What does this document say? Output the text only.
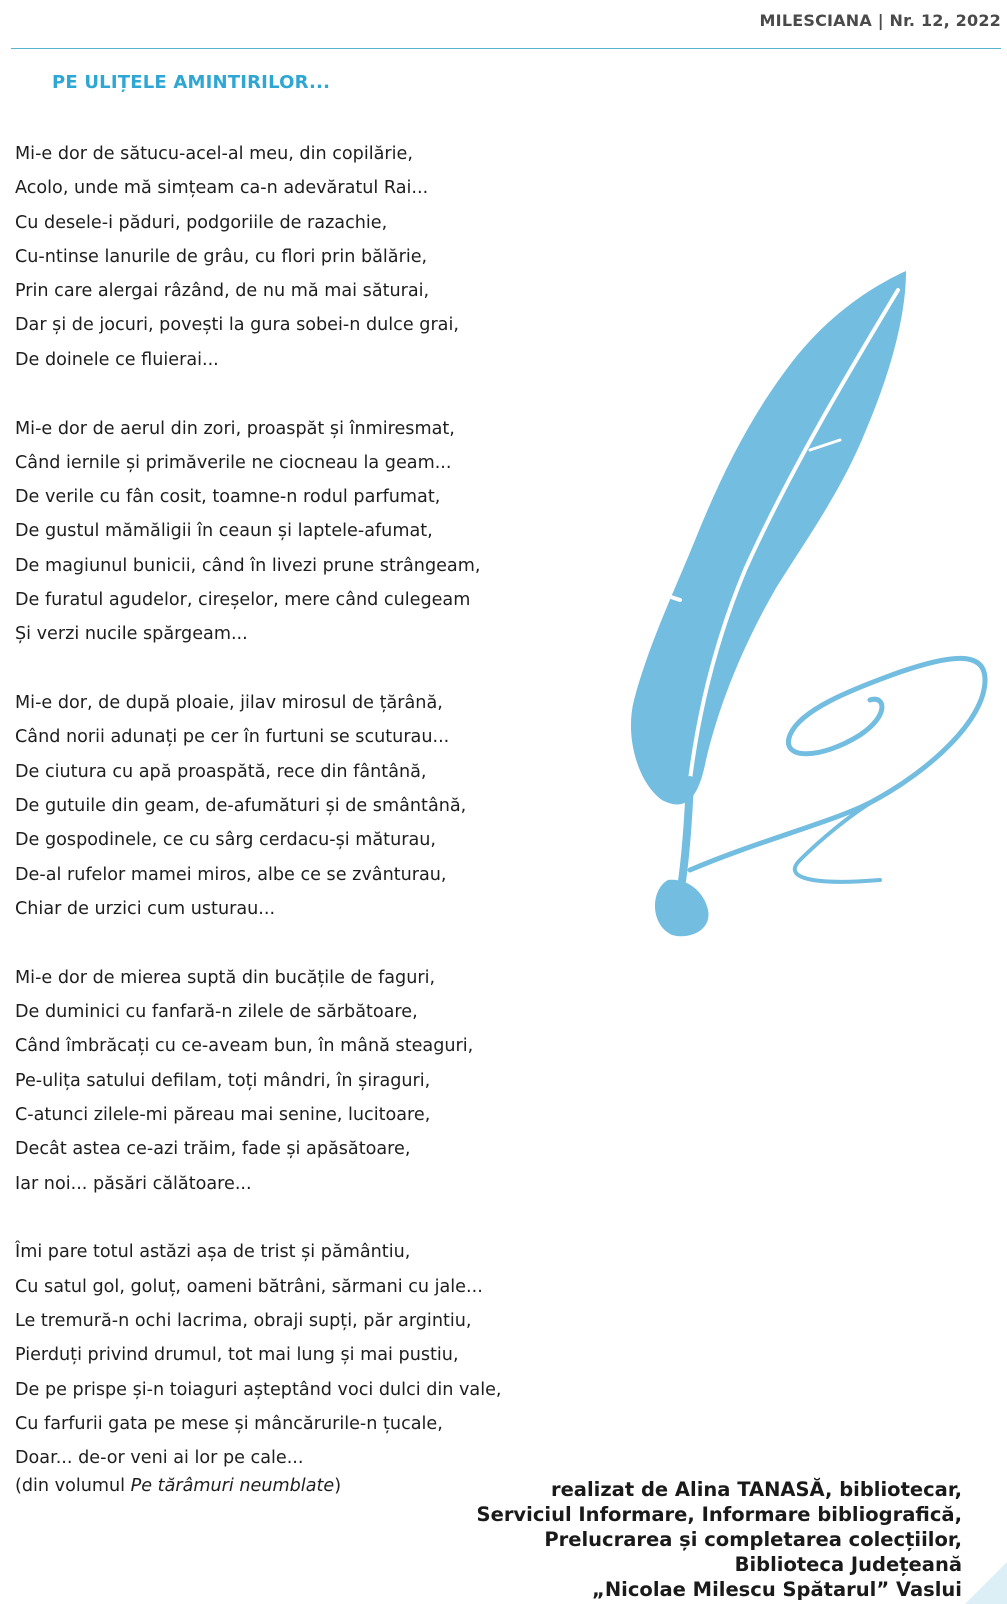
MILESCIANA | Nr. 12, 2022
PE ULIȚELE AMINTIRILOR...
Mi-e dor de sătucu-acel-al meu, din copilărie,
Acolo, unde mă simțeam ca-n adevăratul Rai...
Cu desele-i păduri, podgoriile de razachie,
Cu-ntinse lanurile de grâu, cu flori prin bălărie,
Prin care alergai râzând, de nu mă mai săturai,
Dar și de jocuri, povești la gura sobei-n dulce grai,
De doinele ce fluierai...
Mi-e dor de aerul din zori, proaspăt și înmiresmat,
Când iernile și primăverile ne ciocneau la geam...
De verile cu fân cosit, toamne-n rodul parfumat,
De gustul mămăligii în ceaun și laptele-afumat,
De magiunul bunicii, când în livezi prune strângeam,
De furatul agudelor, cireșelor, mere când culegeam
Și verzi nucile spărgeam...
Mi-e dor, de după ploaie, jilav mirosul de țărână,
Când norii adunați pe cer în furtuni se scuturau...
De ciutura cu apă proaspătă, rece din fântână,
De gutuile din geam, de-afumături și de smântână,
De gospodinele, ce cu sârg cerdacu-și măturau,
De-al rufelor mamei miros, albe ce se zvânturau,
Chiar de urzici cum usturau...
Mi-e dor de mierea suptă din bucățile de faguri,
De duminici cu fanfară-n zilele de sărbătoare,
Când îmbrăcați cu ce-aveam bun, în mână steaguri,
Pe-ulița satului defilam, toți mândri, în șiraguri,
C-atunci zilele-mi păreau mai senine, lucitoare,
Decât astea ce-azi trăim, fade și apăsătoare,
Iar noi... păsări călătoare...
Îmi pare totul astăzi așa de trist și pământiu,
Cu satul gol, goluț, oameni bătrâni, sărmani cu jale...
Le tremură-n ochi lacrima, obraji supți, păr argintiu,
Pierduți privind drumul, tot mai lung și mai pustiu,
De pe prispe și-n toiaguri așteptând voci dulci din vale,
Cu farfurii gata pe mese și mâncărurile-n țucale,
Doar... de-or veni ai lor pe cale...
(din volumul Pe tărâmuri neumblate)	realizat de Alina TANASĂ, bibliotecar,
Serviciul Informare, Informare bibliografică,
Prelucrarea și completarea colecțiilor,
Biblioteca Județeană
„Nicolae Milescu Spătarul” Vaslui
